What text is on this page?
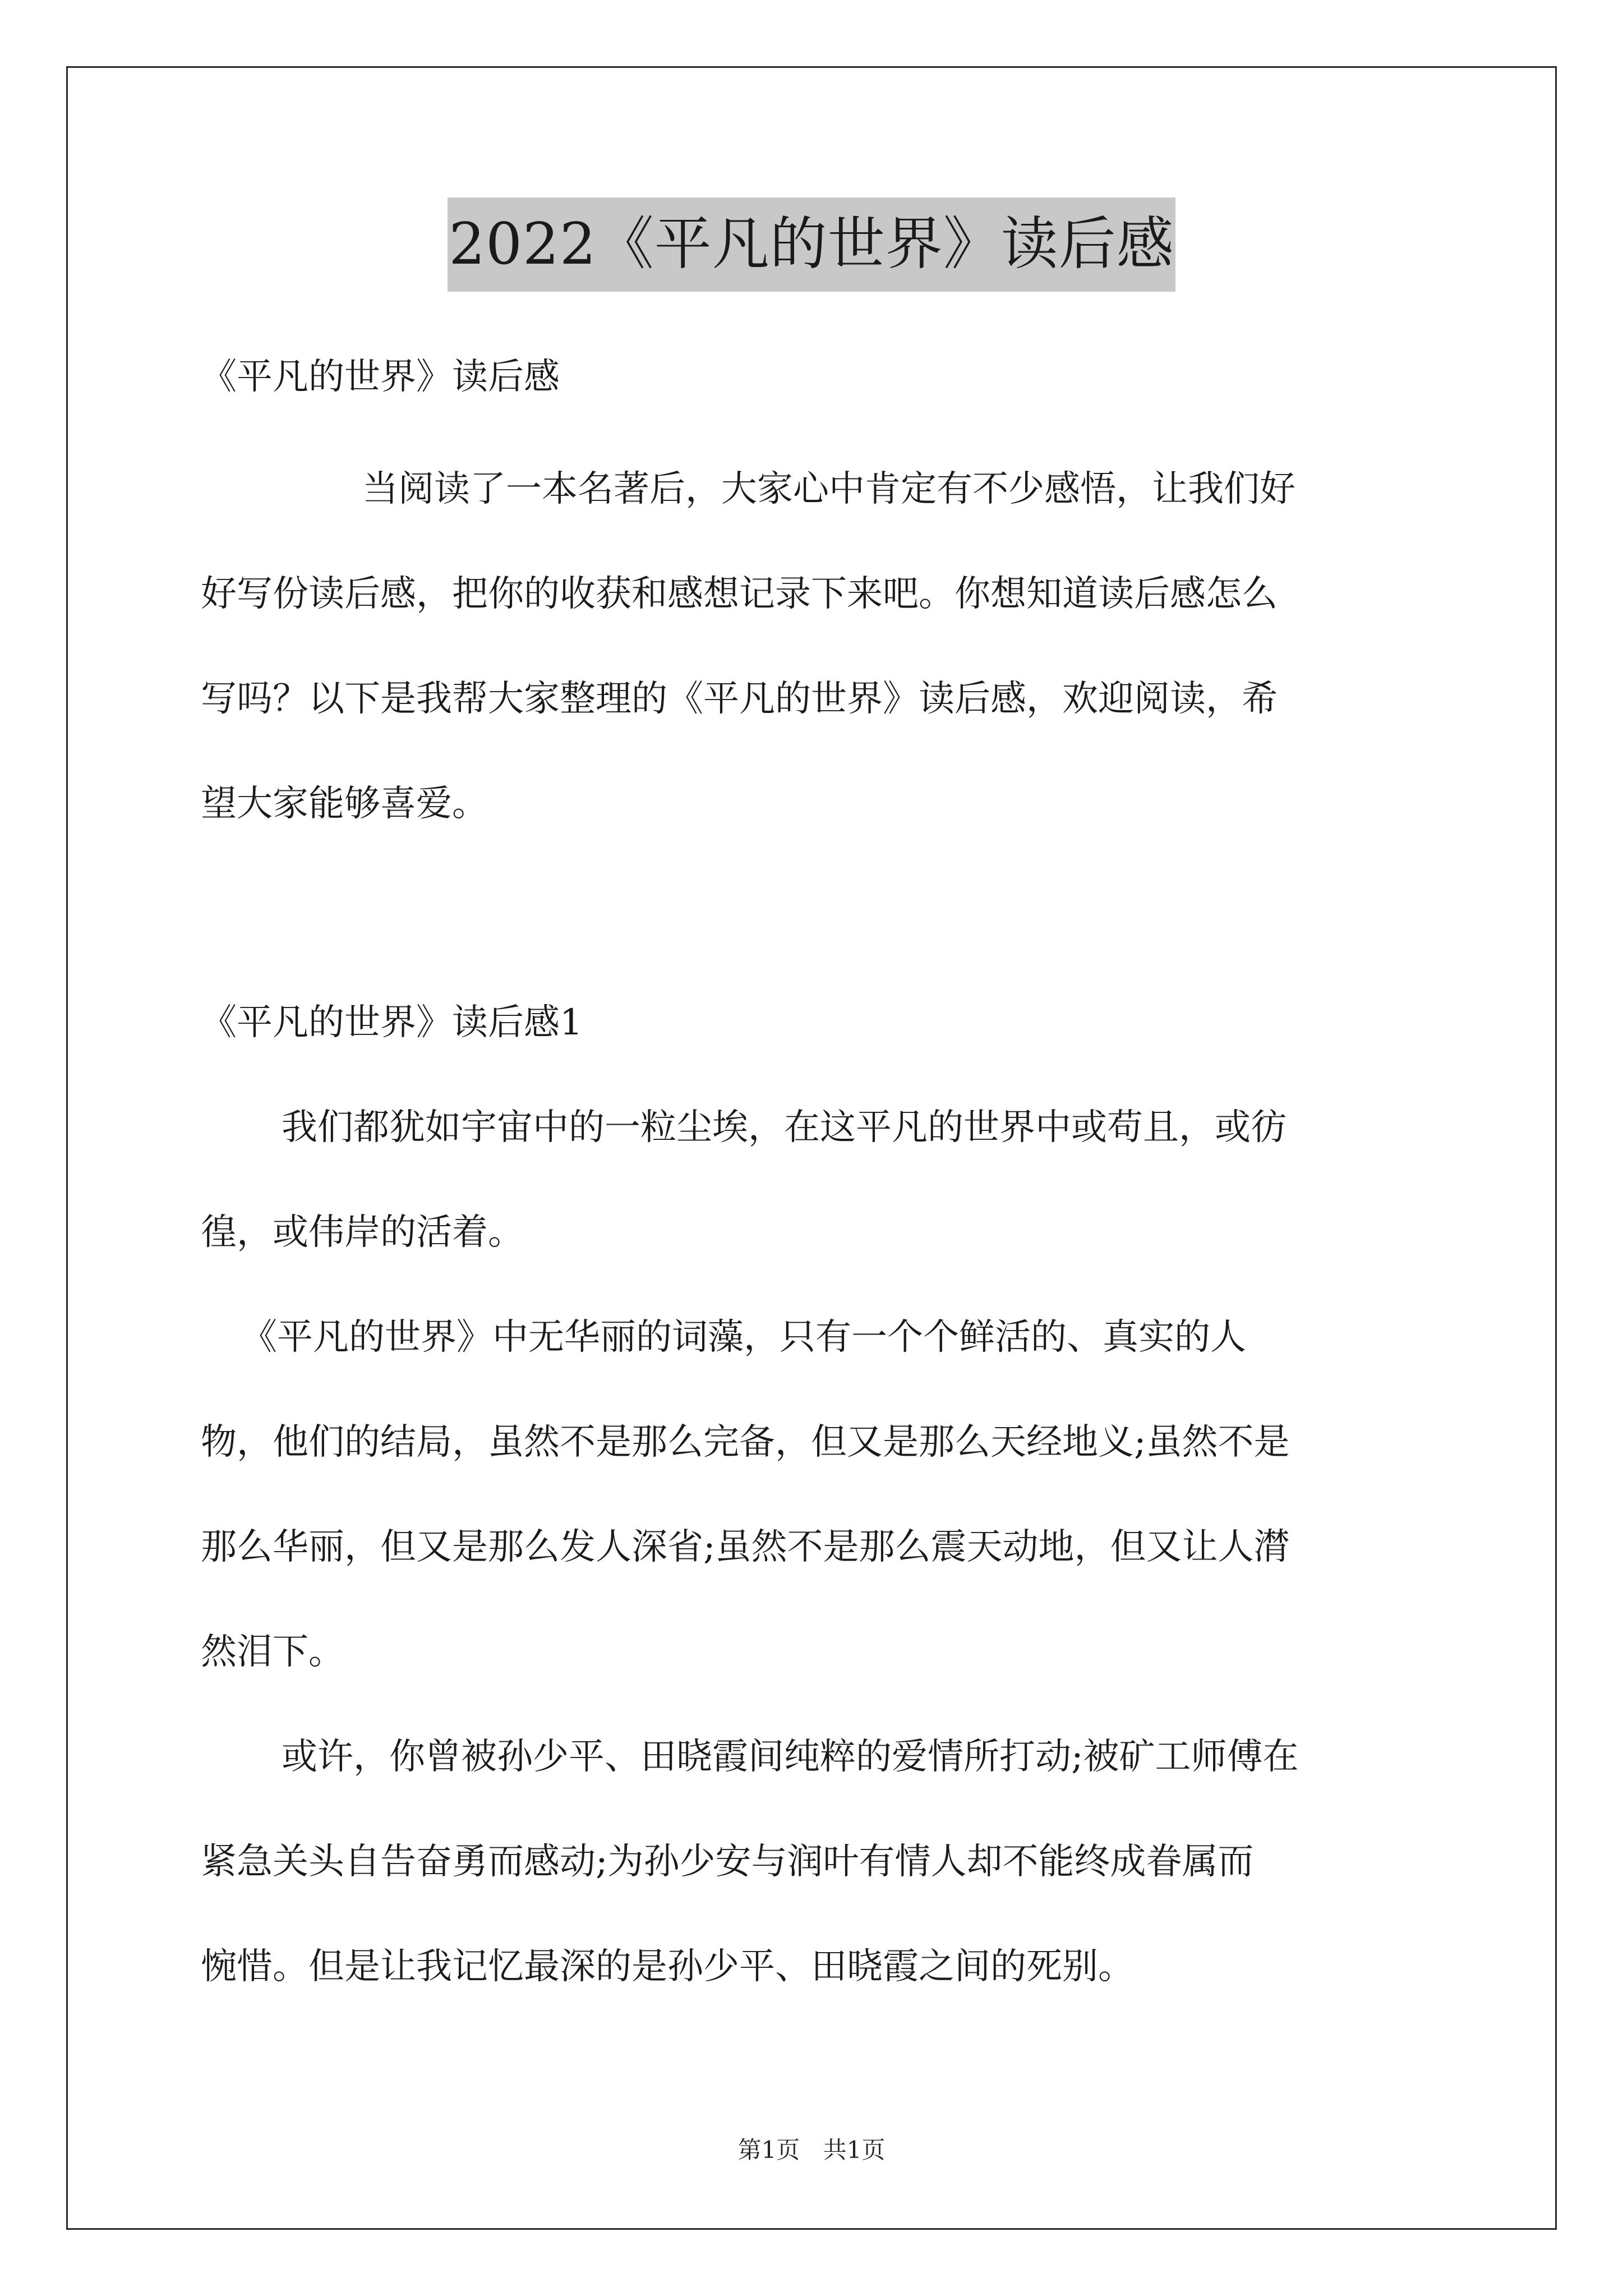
2022《平凡的世界》读后感
《平凡的世界》读后感
当阅读了一本名著后，大家心中肯定有不少感悟，让我们好
好写份读后感，把你的收获和感想记录下来吧。你想知道读后感怎么
写吗？以下是我帮大家整理的《平凡的世界》读后感，欢迎阅读，希
望大家能够喜爱。
《平凡的世界》读后感1
我们都犹如宇宙中的一粒尘埃，在这平凡的世界中或苟且，或彷
徨，或伟岸的活着。
《平凡的世界》中无华丽的词藻，只有一个个鲜活的、真实的人
物，他们的结局，虽然不是那么完备，但又是那么天经地义;虽然不是
那么华丽，但又是那么发人深省;虽然不是那么震天动地，但又让人潸
然泪下。
或许，你曾被孙少平、田晓霞间纯粹的爱情所打动;被矿工师傅在
紧急关头自告奋勇而感动;为孙少安与润叶有情人却不能终成眷属而
惋惜。但是让我记忆最深的是孙少平、田晓霞之间的死别。
第1页 共1页
